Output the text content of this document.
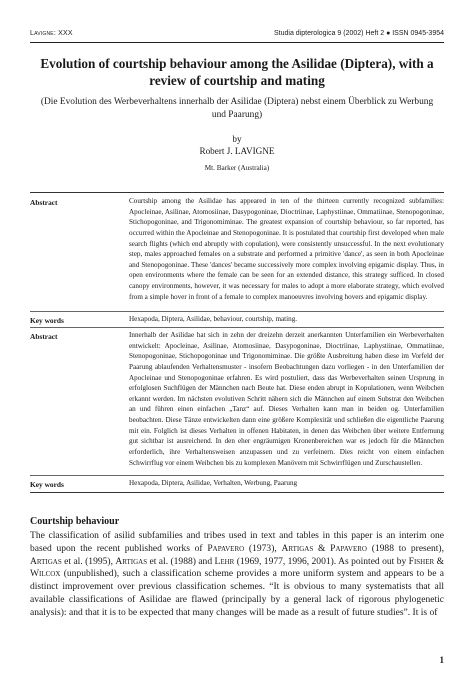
Lavigne: XXX	Studia dipterologica 9 (2002) Heft 2 ● ISSN 0945-3954
Evolution of courtship behaviour among the Asilidae (Diptera), with a review of courtship and mating
(Die Evolution des Werbeverhaltens innerhalb der Asilidae (Diptera) nebst einem Überblick zu Werbung und Paarung)
by
Robert J. LAVIGNE
Mt. Barker (Australia)
Abstract	Courtship among the Asilidae has appeared in ten of the thirteen currently recognized subfamilies: Apocleinae, Asilinae, Atomosiinae, Dasypogoninae, Dioctriinae, Laphystiinae, Ommatiinae, Stenopogoninae, Stichopogoninae, and Trigonomiminae. The greatest expansion of courtship behaviour, so far reported, has occurred within the Apocleinae and Stenopogoninae. It is postulated that courtship first developed when male search flights (which end abruptly with copulation), were consistently unsuccessful. In the next evolutionary step, males approached females on a substrate and performed a primitive 'dance', as seen in both Apocleinae and Stenopogoninae. These 'dances' became successively more complex involving epigamic display. Thus, in open environments where the female can be seen for an extended distance, this strategy sufficed. In closed canopy environments, however, it was necessary for males to adopt a more elaborate strategy, which evolved from a simple hover in front of a female to complex manoeuvres involving hovers and epigamic display.

Key words	Hexapoda, Diptera, Asilidae, behaviour, courtship, mating.

Abstract	Innerhalb der Asilidae hat sich in zehn der dreizehn derzeit anerkannten Unterfamilien ein Werbeverhalten entwickelt: Apocleinae, Asilinae, Atomosiinae, Dasypogoninae, Dioctriinae, Laphystiinae, Ommatiinae, Stenopogoninae, Stichopogoninae und Trigonomiminae. Die größte Ausbreitung haben diese im Vorfeld der Paarung ablaufenden Verhaltensmuster - insofern Beobachtungen dazu vorliegen - in den Unterfamilien der Apocleinae und Stenopogoninae erfahren. Es wird postuliert, dass das Werbeverhalten seinen Ursprung in erfolglosen Suchflügen der Männchen nach Beute hat. Diese enden abrupt in Kopulationen, wenn Weibchen erkannt werden. Im nächsten evolutiven Schritt nähern sich die Männchen auf einem Substrat den Weibchen an und führen einen einfachen „Tanz“ auf. Dieses Verhalten kann man in beiden og. Unterfamilien beobachten. Diese Tänze entwickelten dann eine größere Komplexität und schließen die eigentliche Paarung mit ein. Folglich ist dieses Verhalten in offenen Habitaten, in denen das Weibchen über weitere Entfernung gut sichtbar ist ausreichend. In den eher engräumigen Kronenbereichen war es jedoch für die Männchen erforderlich, ihre Verhaltensweisen anzupassen und zu verfeinern. Dies reicht von einem einfachen Schwirrflug vor einem Weibchen bis zu komplexen Manövern mit Schwirrflügen und Zurschaustellen.

Key words	Hexapoda, Diptera, Asilidae, Verhalten, Werbung, Paarung

Courtship behaviour

The classification of asilid subfamilies and tribes used in text and tables in this paper is an interim one based upon the recent published works of Papavero (1973), Artigas & Papavero (1988 to present), Artigas et al. (1995), Artigas et al. (1988) and Lehr (1969, 1977, 1996, 2001). As pointed out by Fisher & Wilcox (unpublished), such a classification scheme provides a more uniform system and appears to be a distinct improvement over previous classification schemes. “It is obvious to many systematists that all available classifications of Asilidae are flawed (principally by a general lack of rigorous phylogenetic analysis): and that it is to be expected that many changes will be made as a result of future studies”. It is of

1
